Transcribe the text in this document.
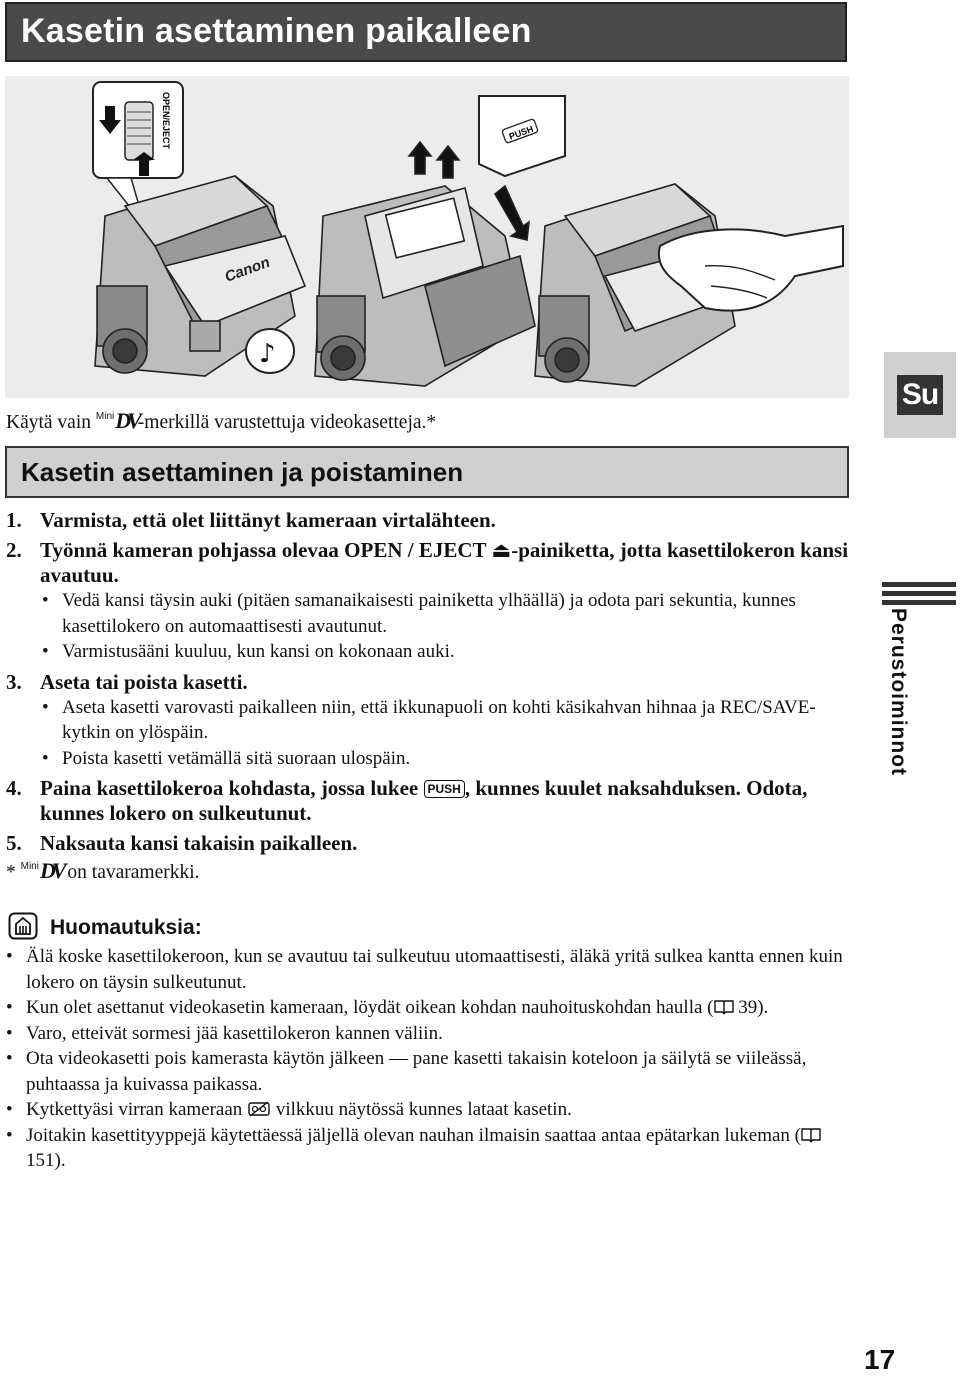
Kasetin asettaminen paikalleen
OPEN/EJECT
Canon
♪
PUSH
Su
Perustoiminnot
Käytä vain $^{Mini}$DV-merkillä varustettuja videokasetteja.*
Kasetin asettaminen ja poistaminen
1. Varmista, että olet liittänyt kameraan virtalähteen.
2. Työnnä kameran pohjassa olevaa OPEN / EJECT ⏏-painiketta, jotta kasettilokeron kansi avautuu.
• Vedä kansi täysin auki (pitäen samanaikaisesti painiketta ylhäällä) ja odota pari sekuntia, kunnes kasettilokero on automaattisesti avautunut.
• Varmistusääni kuuluu, kun kansi on kokonaan auki.
3. Aseta tai poista kasetti.
• Aseta kasetti varovasti paikalleen niin, että ikkunapuoli on kohti käsikahvan hihnaa ja REC/SAVE-kytkin on ylöspäin.
• Poista kasetti vetämällä sitä suoraan ulospäin.
4. Paina kasettilokeroa kohdasta, jossa lukee PUSH , kunnes kuulet naksahduksen. Odota, kunnes lokero on sulkeutunut.
5. Naksauta kansi takaisin paikalleen.
* $^{Mini}$DV on tavaramerkki.
Huomautuksia:
• Älä koske kasettilokeroon, kun se avautuu tai sulkeutuu utomaattisesti, äläkä yritä sulkea kantta ennen kuin lokero on täysin sulkeutunut.
• Kun olet asettanut videokasetin kameraan, löydät oikean kohdan nauhoituskohdan haulla ( 39).
• Varo, etteivät sormesi jää kasettilokeron kannen väliin.
• Ota videokasetti pois kamerasta käytön jälkeen — pane kasetti takaisin koteloon ja säilytä se viileässä, puhtaassa ja kuivassa paikassa.
• Kytkettyäsi virran kameraan vilkkuu näytössä kunnes lataat kasetin.
• Joitakin kasettityyppejä käytettäessä jäljellä olevan nauhan ilmaisin saattaa antaa epätarkan lukeman ( 151).
17
